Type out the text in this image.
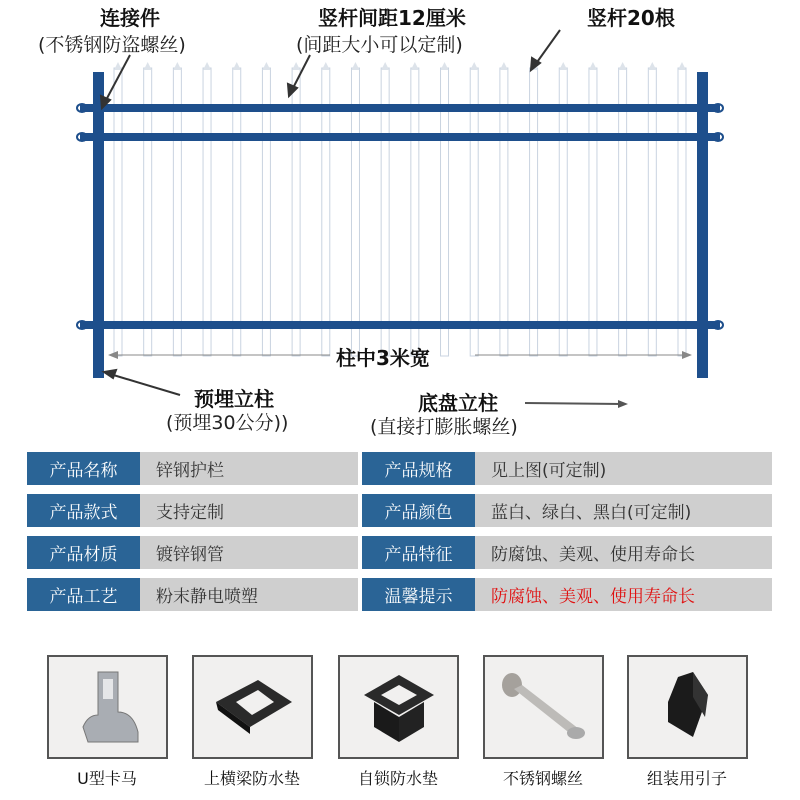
连接件
(不锈钢防盗螺丝)
竖杆间距12厘米
(间距大小可以定制)
竖杆20根
柱中3米宽
预埋立柱
(预埋30公分))
底盘立柱
(直接打膨胀螺丝)
产品名称	锌钢护栏	产品规格	见上图(可定制)
产品款式	支持定制	产品颜色	蓝白、绿白、黑白(可定制)
产品材质	镀锌钢管	产品特征	防腐蚀、美观、使用寿命长
产品工艺	粉末静电喷塑	温馨提示	防腐蚀、美观、使用寿命长
U型卡马	上横梁防水垫	自锁防水垫	不锈钢螺丝	组装用引子
